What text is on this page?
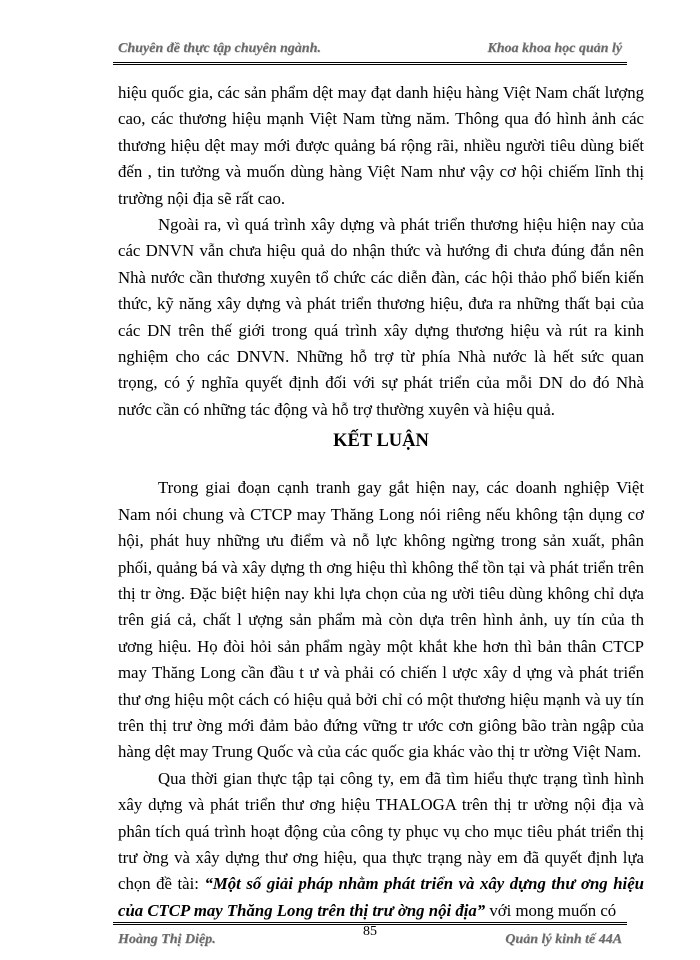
Chuyên đề thực tập chuyên ngành.	Khoa khoa học quản lý

hiệu quốc gia, các sản phẩm dệt may đạt danh hiệu hàng Việt Nam chất lượng cao, các thương hiệu mạnh Việt Nam từng năm. Thông qua đó hình ảnh các thương hiệu dệt may mới được quảng bá rộng rãi, nhiều người tiêu dùng biết đến , tin tưởng và muốn dùng hàng Việt Nam như vậy cơ hội chiếm lĩnh thị trường nội địa sẽ rất cao.

Ngoài ra, vì quá trình xây dựng và phát triển thương hiệu hiện nay của các DNVN vẫn chưa hiệu quả do nhận thức và hướng đi chưa đúng đắn nên Nhà nước cần thương xuyên tổ chức các diễn đàn, các hội thảo phổ biến kiến thức, kỹ năng xây dựng và phát triển thương hiệu, đưa ra những thất bại của các DN trên thế giới trong quá trình xây dựng thương hiệu và rút ra kinh nghiệm cho các DNVN. Những hỗ trợ từ phía Nhà nước là hết sức quan trọng, có ý nghĩa quyết định đối với sự phát triển của mỗi DN do đó Nhà nước cần có những tác động và hỗ trợ thường xuyên và hiệu quả.

KẾT LUẬN

Trong giai đoạn cạnh tranh gay gắt hiện nay, các doanh nghiệp Việt Nam nói chung và CTCP may Thăng Long nói riêng nếu không tận dụng cơ hội, phát huy những ưu điểm và nỗ lực không ngừng trong sản xuất, phân phối, quảng bá và xây dựng th ơng hiệu thì không thể tồn tại và phát triển trên thị tr ờng. Đặc biệt hiện nay khi lựa chọn của ng ười tiêu dùng không chỉ dựa trên giá cả, chất l ượng sản phẩm mà còn dựa trên hình ảnh, uy tín của th ương hiệu. Họ đòi hỏi sản phẩm ngày một khắt khe hơn thì bản thân CTCP may Thăng Long cần đầu t ư và phải có chiến l ược xây d ựng và phát triển thư ơng hiệu một cách có hiệu quả bởi chỉ có một thương hiệu mạnh và uy tín trên thị trư ờng mới đảm bảo đứng vững tr ước cơn giông bão tràn ngập của hàng dệt may Trung Quốc và của các quốc gia khác vào thị tr ường Việt Nam.

Qua thời gian thực tập tại công ty, em đã tìm hiểu thực trạng tình hình xây dựng và phát triển thư ơng hiệu THALOGA trên thị tr ường nội địa và phân tích quá trình hoạt động của công ty phục vụ cho mục tiêu phát triển thị trư ờng và xây dựng thư ơng hiệu, qua thực trạng này em đã quyết định lựa chọn đề tài: “Một số giải pháp nhằm phát triển và xây dựng thư ơng hiệu của CTCP may Thăng Long trên thị trư ờng nội địa” với mong muốn có

Hoàng Thị Diệp.
85
Quản lý kinh tế 44A
